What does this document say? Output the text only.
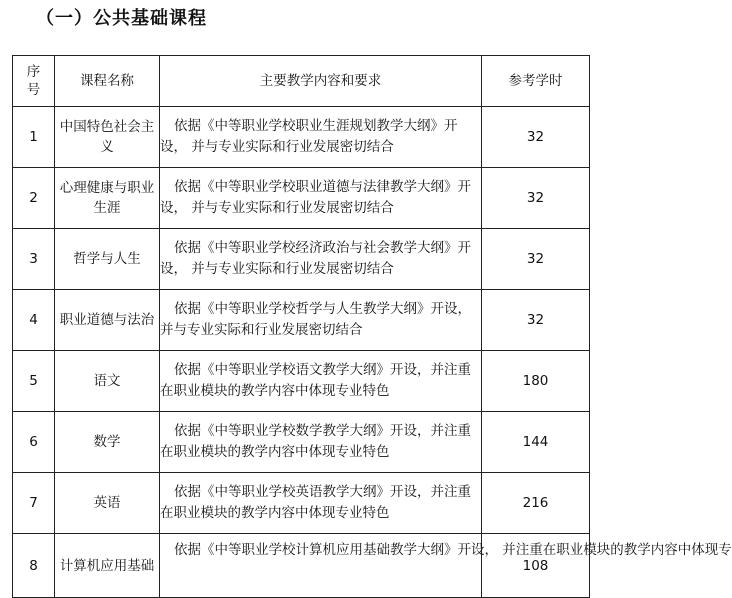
（一）公共基础课程
序号	课程名称	主要教学内容和要求	参考学时
1	中国特色社会主义	依据《中等职业学校职业生涯规划教学大纲》开设， 并与专业实际和行业发展密切结合	32
2	心理健康与职业生涯	依据《中等职业学校职业道德与法律教学大纲》开设， 并与专业实际和行业发展密切结合	32
3	哲学与人生	依据《中等职业学校经济政治与社会教学大纲》开设， 并与专业实际和行业发展密切结合	32
4	职业道德与法治	依据《中等职业学校哲学与人生教学大纲》开设， 并与专业实际和行业发展密切结合	32
5	语文	依据《中等职业学校语文教学大纲》开设，并注重在职业模块的教学内容中体现专业特色	180
6	数学	依据《中等职业学校数学教学大纲》开设，并注重在职业模块的教学内容中体现专业特色	144
7	英语	依据《中等职业学校英语教学大纲》开设，并注重在职业模块的教学内容中体现专业特色	216
8	计算机应用基础	依据《中等职业学校计算机应用基础教学大纲》开设， 并注重在职业模块的教学内容中体现专	108
